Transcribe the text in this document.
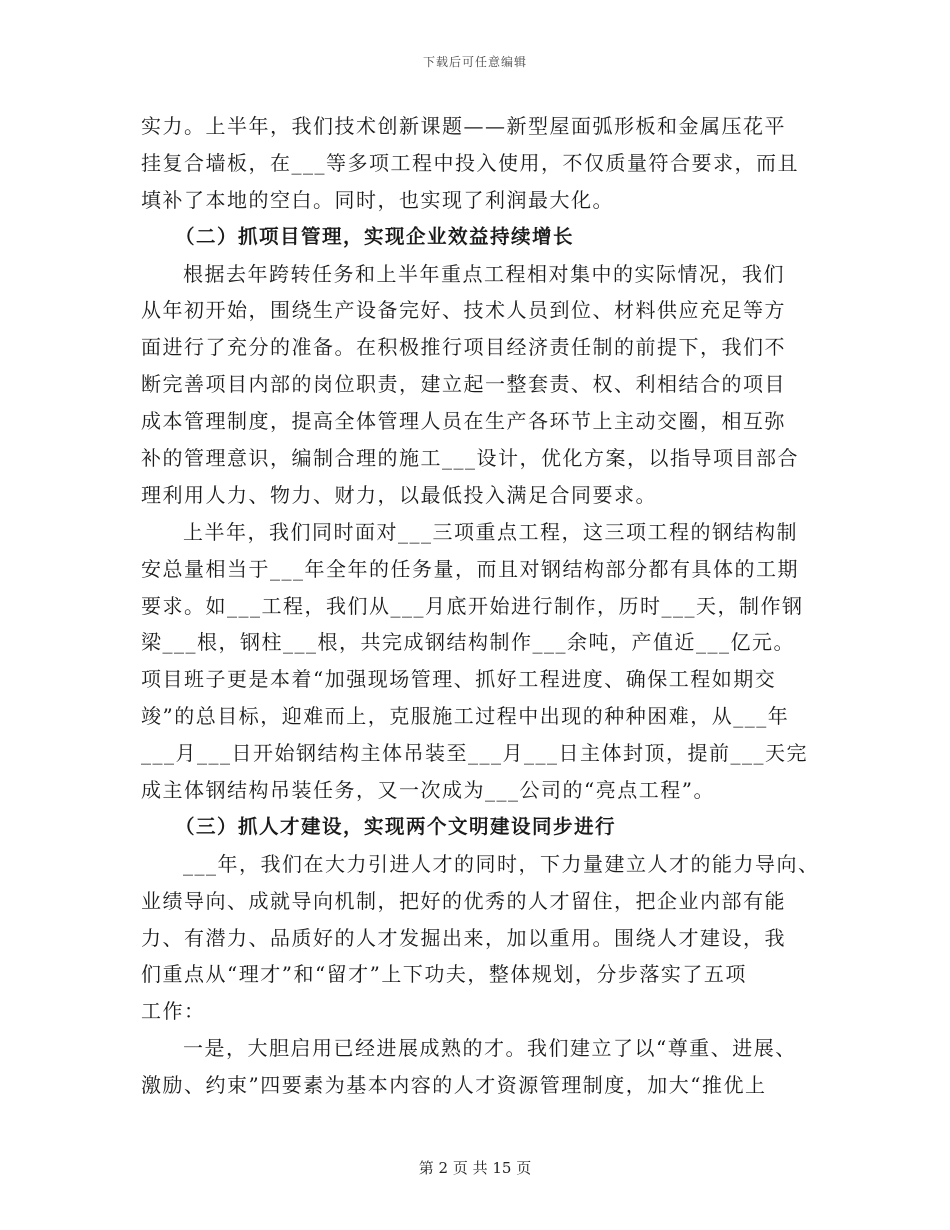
下载后可任意编辑
实力。上半年，我们技术创新课题——新型屋面弧形板和金属压花平
挂复合墙板，在___等多项工程中投入使用，不仅质量符合要求，而且
填补了本地的空白。同时，也实现了利润最大化。
（二）抓项目管理，实现企业效益持续增长
根据去年跨转任务和上半年重点工程相对集中的实际情况，我们
从年初开始，围绕生产设备完好、技术人员到位、材料供应充足等方
面进行了充分的准备。在积极推行项目经济责任制的前提下，我们不
断完善项目内部的岗位职责，建立起一整套责、权、利相结合的项目
成本管理制度，提高全体管理人员在生产各环节上主动交圈，相互弥
补的管理意识，编制合理的施工___设计，优化方案，以指导项目部合
理利用人力、物力、财力，以最低投入满足合同要求。
上半年，我们同时面对___三项重点工程，这三项工程的钢结构制
安总量相当于___年全年的任务量，而且对钢结构部分都有具体的工期
要求。如___工程，我们从___月底开始进行制作，历时___天，制作钢
梁___根，钢柱___根，共完成钢结构制作___余吨，产值近___亿元。
项目班子更是本着“加强现场管理、抓好工程进度、确保工程如期交
竣”的总目标，迎难而上，克服施工过程中出现的种种困难，从___年
___月___日开始钢结构主体吊装至___月___日主体封顶，提前___天完
成主体钢结构吊装任务，又一次成为___公司的“亮点工程”。
（三）抓人才建设，实现两个文明建设同步进行
___年，我们在大力引进人才的同时，下力量建立人才的能力导向、
业绩导向、成就导向机制，把好的优秀的人才留住，把企业内部有能
力、有潜力、品质好的人才发掘出来，加以重用。围绕人才建设，我
们重点从“理才”和“留才”上下功夫，整体规划，分步落实了五项
工作：
一是，大胆启用已经进展成熟的才。我们建立了以“尊重、进展、
激励、约束”四要素为基本内容的人才资源管理制度，加大“推优上
第 2 页 共 15 页
